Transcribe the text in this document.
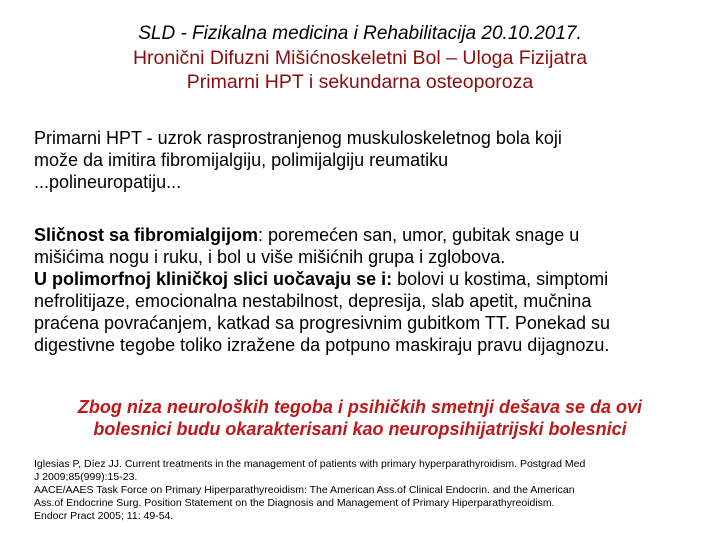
SLD - Fizikalna medicina i Rehabilitacija 20.10.2017.
Hronični Difuzni Mišićnoskeletni Bol – Uloga Fizijatra
Primarni HPT i sekundarna osteoporoza
Primarni HPT - uzrok rasprostranjenog muskuloskeletnog bola koji
može da imitira fibromijalgiju, polimijalgiju reumatiku
...polineuropatiju...
Sličnost sa fibromialgijom: poremećen san, umor, gubitak snage u
mišićima nogu i ruku, i bol u više mišićnih grupa i zglobova.
U polimorfnoj kliničkoj slici uočavaju se i: bolovi u kostima, simptomi
nefrolitijaze, emocionalna nestabilnost, depresija, slab apetit, mučnina
praćena povraćanjem, katkad sa progresivnim gubitkom TT. Ponekad su
digestivne tegobe toliko izražene da potpuno maskiraju pravu dijagnozu.
Zbog niza neuroloških tegoba i psihičkih smetnji dešava se da ovi
bolesnici budu okarakterisani kao neuropsihijatrijski bolesnici
Iglesias P, Díez JJ. Current treatments in the management of patients with primary hyperparathyroidism. Postgrad Med
J 2009;85(999):15-23.
AACE/AAES Task Force on Primary Hiperparathyreoidism: The American Ass.of Clinical Endocrin. and the American
Ass.of Endocrine Surg. Position Statement on the Diagnosis and Management of Primary Hiperparathyreoidism.
Endocr Pract 2005; 11: 49-54.
